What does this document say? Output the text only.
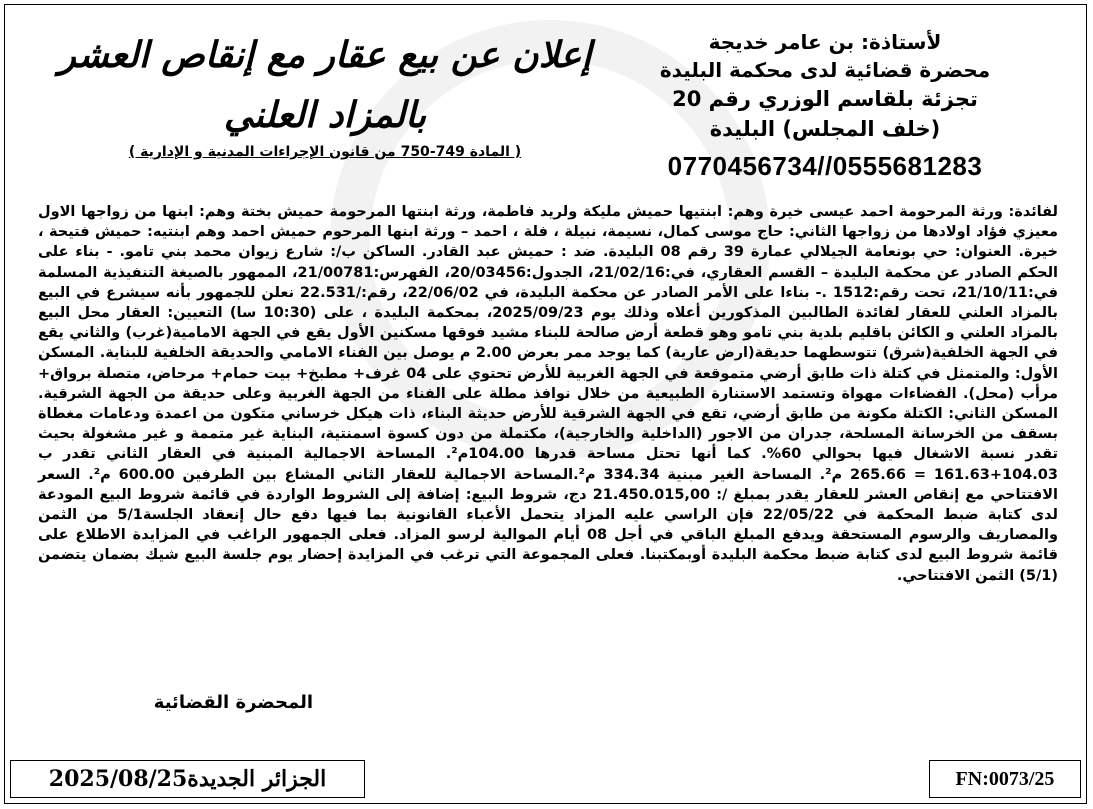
لأستاذة: بن عامر خديجة
محضرة قضائية لدى محكمة البليدة
تجزئة بلقاسم الوزري رقم 20
(خلف المجلس) البليدة
0770456734//0555681283
إعلان عن بيع عقار مع إنقاص العشر
بالمزاد العلني
( المادة 749-750 من قانون الإجراءات المدنية و الإدارية )

لفائدة: ورثة المرحومة احمد عيسى خيرة وهم: ابنتيها حميش مليكة ولريد فاطمة، ورثة ابنتها المرحومة حميش بختة وهم: ابنها من زواجها الاول معيزي فؤاد اولادها من زواجها الثاني: حاج موسى كمال، نسيمة، نبيلة ، فلة ، احمد – ورثة ابنها المرحوم حميش احمد وهم ابنتيه: حميش فتيحة ، خيرة. العنوان: حي بونعامة الجيلالي عمارة 39 رقم 08 البليدة. ضد : حميش عبد القادر. الساكن ب/: شارع زيوان محمد بني تامو. - بناء على الحكم الصادر عن محكمة البليدة – القسم العقاري، في:21/02/16، الجدول:20/03456، الفهرس:21/00781، الممهور بالصيغة التنفيذية المسلمة في:21/10/11، تحت رقم:1512 .- بناءا على الأمر الصادر عن محكمة البليدة، في 22/06/02، رقم:/22.531 نعلن للجمهور بأنه سيشرع في البيع بالمزاد العلني للعقار لفائدة الطالبين المذكورين أعلاه وذلك يوم 2025/09/23، بمحكمة البليدة ، على (10:30 سا) التعيين: العقار محل البيع بالمزاد العلني و الكائن باقليم بلدية بني تامو وهو قطعة أرض صالحة للبناء مشيد فوقها مسكنين الأول يقع في الجهة الامامية(غرب) والثاني يقع في الجهة الخلفية(شرق) تتوسطهما حديقة(ارض عارية) كما يوجد ممر بعرض 2.00 م يوصل بين الفناء الامامي والحديقة الخلفية للبناية. المسكن الأول: والمتمثل في كتلة ذات طابق أرضي متموقعة في الجهة الغربية للأرض تحتوي على 04 غرف+ مطبخ+ بيت حمام+ مرحاض، متصلة برواق+ مرأب (محل). الفضاءات مهواة وتستمد الاستنارة الطبيعية من خلال نوافذ مطلة على الفناء من الجهة الغربية وعلى حديقة من الجهة الشرقية. المسكن الثاني: الكتلة مكونة من طابق أرضي، تقع في الجهة الشرقية للأرض حديثة البناء، ذات هيكل خرساني متكون من اعمدة ودعامات مغطاة بسقف من الخرسانة المسلحة، جدران من الاجور (الداخلية والخارجية)، مكتملة من دون كسوة اسمنتية، البناية غير متممة و غير مشغولة بحيث تقدر نسبة الاشغال فيها بحوالي 60%. كما أنها تحتل مساحة قدرها 104.00م². المساحة الاجمالية المبنية في العقار الثاني تقدر ب 104.03+161.63 = 265.66 م². المساحة الغير مبنية 334.34 م².المساحة الاجمالية للعقار الثاني المشاع بين الطرفين 600.00 م². السعر الافتتاحي مع إنقاص العشر للعقار يقدر بمبلغ /: 21.450.015,00 دج، شروط البيع: إضافة إلى الشروط الواردة في قائمة شروط البيع المودعة لدى كتابة ضبط المحكمة في 22/05/22 فإن الراسي عليه المزاد يتحمل الأعباء القانونية بما فيها دفع حال إنعقاد الجلسة5/1 من الثمن والمصاريف والرسوم المستحقة ويدفع المبلغ الباقي في أجل 08 أيام الموالية لرسو المزاد. فعلى الجمهور الراغب في المزايدة الاطلاع على قائمة شروط البيع لدى كتابة ضبط محكمة البليدة أوبمكتبنا. فعلى المجموعة التي ترغب في المزايدة إحضار يوم جلسة البيع شيك بضمان يتضمن (5/1) الثمن الافتتاحي.

المحضرة القضائية
الجزائر الجديدة2025/08/25	FN:0073/25
